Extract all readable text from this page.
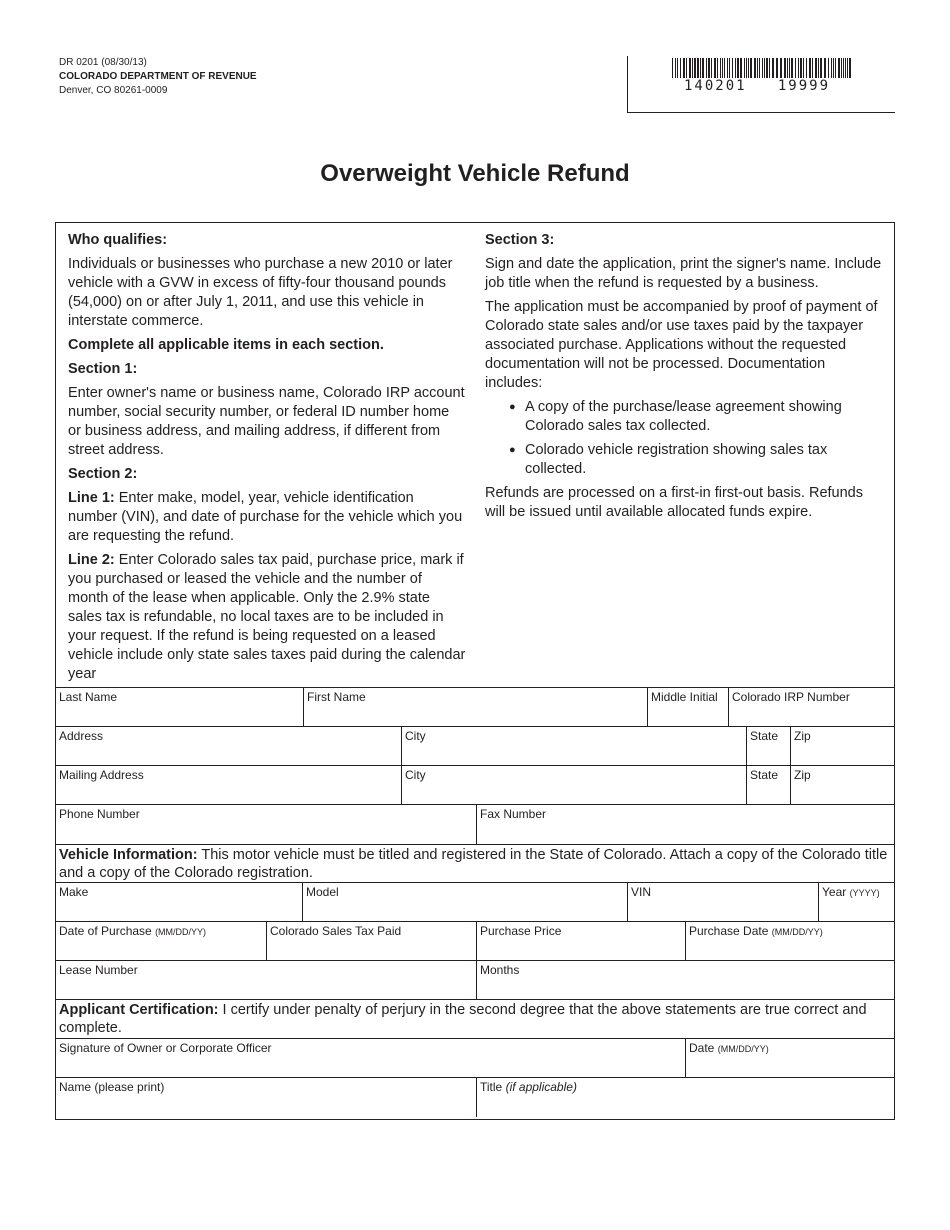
DR 0201 (08/30/13)
COLORADO DEPARTMENT OF REVENUE
Denver, CO 80261-0009	140201   19999
Overweight Vehicle Refund
Who qualifies:

Individuals or businesses who purchase a new 2010 or later vehicle with a GVW in excess of fifty-four thousand pounds (54,000) on or after July 1, 2011, and use this vehicle in interstate commerce.

Complete all applicable items in each section.

Section 1:

Enter owner's name or business name, Colorado IRP account number, social security number, or federal ID number home or business address, and mailing address, if different from street address.

Section 2:

Line 1: Enter make, model, year, vehicle identification number (VIN), and date of purchase for the vehicle which you are requesting the refund.

Line 2: Enter Colorado sales tax paid, purchase price, mark if you purchased or leased the vehicle and the number of month of the lease when applicable. Only the 2.9% state sales tax is refundable, no local taxes are to be included in your request. If the refund is being requested on a leased vehicle include only state sales taxes paid during the calendar year

Section 3:

Sign and date the application, print the signer's name. Include job title when the refund is requested by a business.

The application must be accompanied by proof of payment of Colorado state sales and/or use taxes paid by the taxpayer associated purchase. Applications without the requested documentation will not be processed. Documentation includes:

● A copy of the purchase/lease agreement showing Colorado sales tax collected.
● Colorado vehicle registration showing sales tax collected.

Refunds are processed on a first-in first-out basis. Refunds will be issued until available allocated funds expire.

Last Name	First Name	Middle Initial	Colorado IRP Number
Address	City	State	Zip
Mailing Address	City	State	Zip
Phone Number	Fax Number
Vehicle Information: This motor vehicle must be titled and registered in the State of Colorado. Attach a copy of the Colorado title and a copy of the Colorado registration.
Make	Model	VIN	Year (YYYY)
Date of Purchase (MM/DD/YY)	Colorado Sales Tax Paid	Purchase Price	Purchase Date (MM/DD/YY)
Lease Number	Months
Applicant Certification: I certify under penalty of perjury in the second degree that the above statements are true correct and complete.
Signature of Owner or Corporate Officer	Date (MM/DD/YY)
Name (please print)	Title (if applicable)
